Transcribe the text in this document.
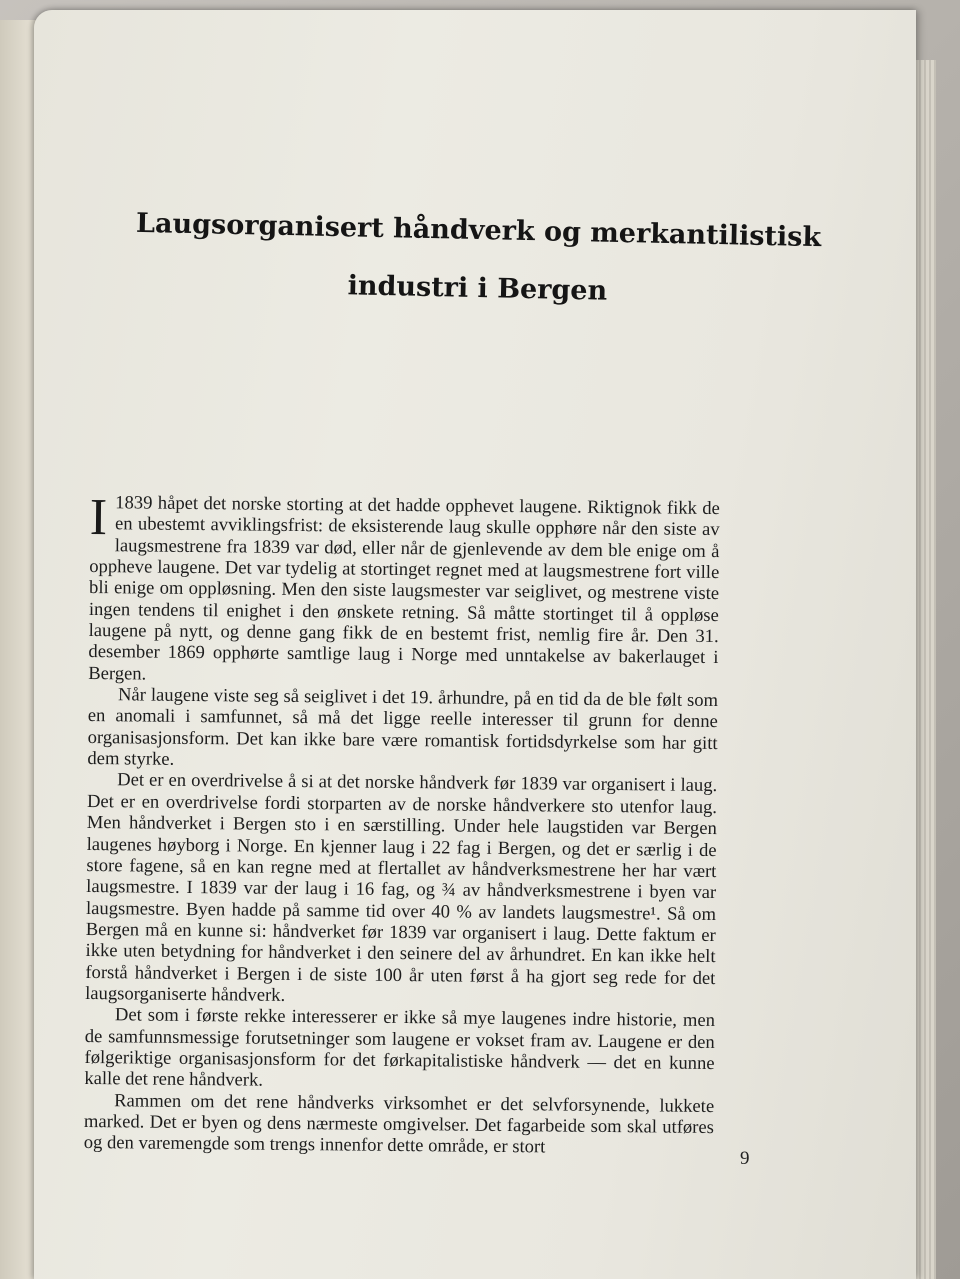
Laugsorganisert håndverk og merkantilistisk
industri i Bergen

I 1839 håpet det norske storting at det hadde opphevet laugene. Riktignok fikk de en ubestemt avviklingsfrist: de eksisterende laug skulle opphøre når den siste av laugsmestrene fra 1839 var død, eller når de gjenlevende av dem ble enige om å oppheve laugene. Det var tydelig at stortinget regnet med at laugsmestrene fort ville bli enige om oppløsning. Men den siste laugsmester var seiglivet, og mestrene viste ingen tendens til enighet i den ønskete retning. Så måtte stortinget til å oppløse laugene på nytt, og denne gang fikk de en bestemt frist, nemlig fire år. Den 31. desember 1869 opphørte samtlige laug i Norge med unntakelse av bakerlauget i Bergen.

Når laugene viste seg så seiglivet i det 19. århundre, på en tid da de ble følt som en anomali i samfunnet, så må det ligge reelle interesser til grunn for denne organisasjonsform. Det kan ikke bare være romantisk fortidsdyrkelse som har gitt dem styrke.

Det er en overdrivelse å si at det norske håndverk før 1839 var organisert i laug. Det er en overdrivelse fordi storparten av de norske håndverkere sto utenfor laug. Men håndverket i Bergen sto i en særstilling. Under hele laugstiden var Bergen laugenes høyborg i Norge. En kjenner laug i 22 fag i Bergen, og det er særlig i de store fagene, så en kan regne med at flertallet av håndverksmestrene her har vært laugsmestre. I 1839 var der laug i 16 fag, og ¾ av håndverksmestrene i byen var laugsmestre. Byen hadde på samme tid over 40 % av landets laugsmestre¹. Så om Bergen må en kunne si: håndverket før 1839 var organisert i laug. Dette faktum er ikke uten betydning for håndverket i den seinere del av århundret. En kan ikke helt forstå håndverket i Bergen i de siste 100 år uten først å ha gjort seg rede for det laugsorganiserte håndverk.

Det som i første rekke interesserer er ikke så mye laugenes indre historie, men de samfunnsmessige forutsetninger som laugene er vokset fram av. Laugene er den følgeriktige organisasjonsform for det førkapitalistiske håndverk — det en kunne kalle det rene håndverk.

Rammen om det rene håndverks virksomhet er det selvforsynende, lukkete marked. Det er byen og dens nærmeste omgivelser. Det fagarbeide som skal utføres og den varemengde som trengs innenfor dette område, er stort

9
